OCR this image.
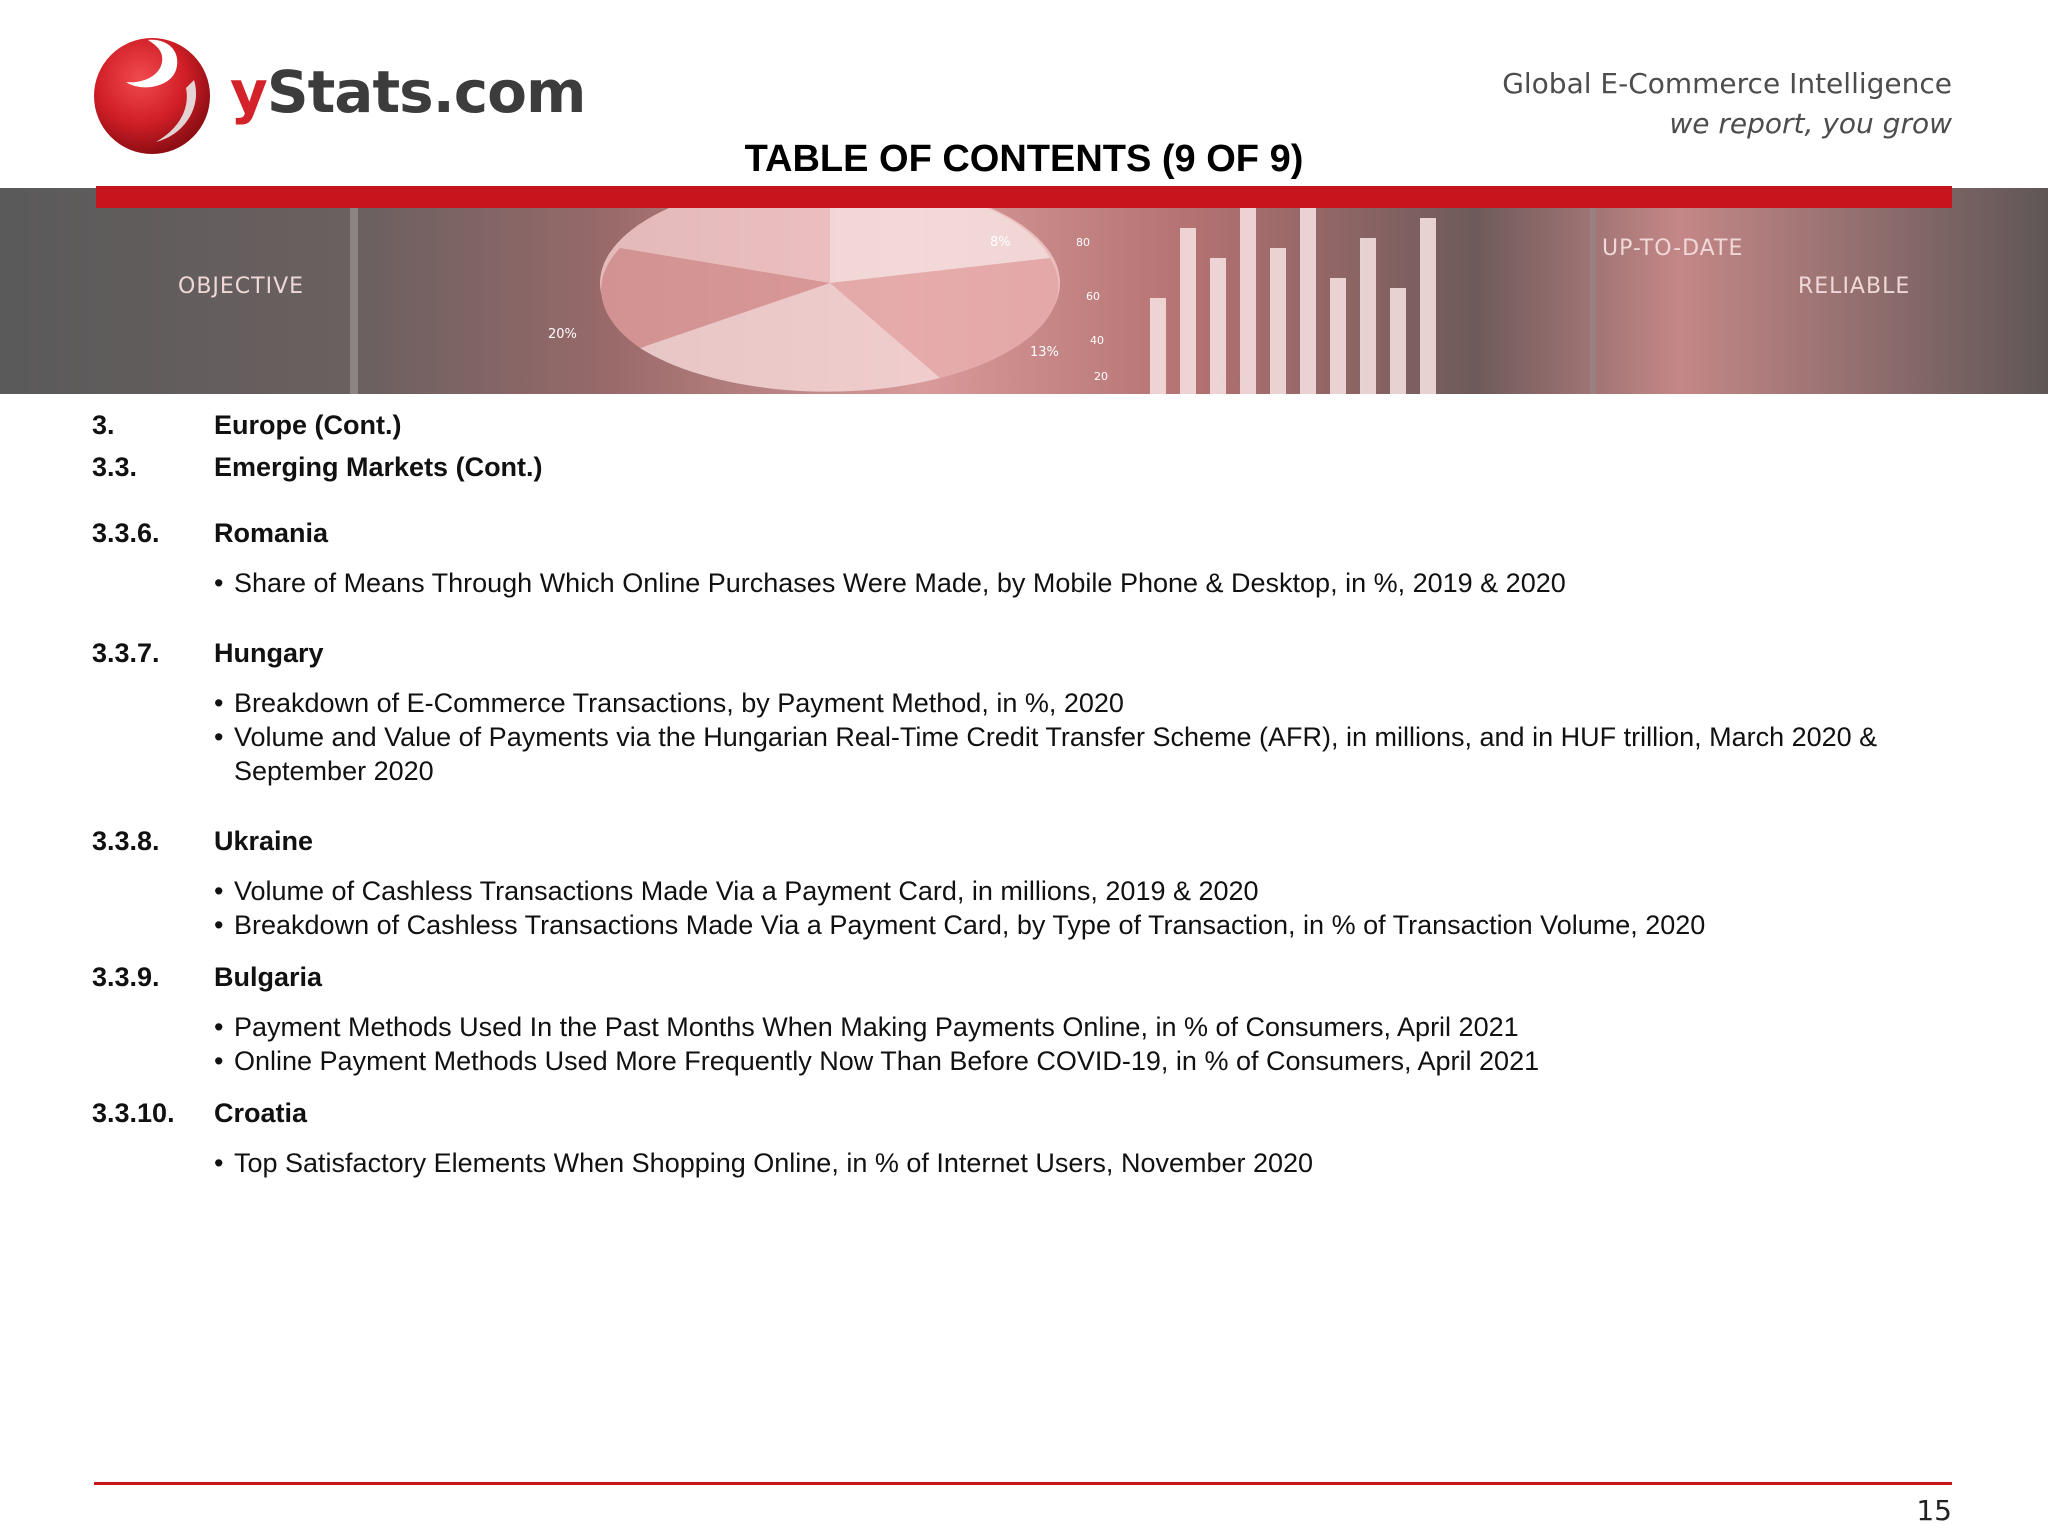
yStats.com	Global E-Commerce Intelligence
we report, you grow
TABLE OF CONTENTS (9 OF 9)
20%
8%
13%
80
60
40
20
OBJECTIVE
UP-TO-DATE
RELIABLE
3.	Europe (Cont.)
3.3.	Emerging Markets (Cont.)
3.3.6. Romania
• Share of Means Through Which Online Purchases Were Made, by Mobile Phone & Desktop, in %, 2019 & 2020
3.3.7. Hungary
• Breakdown of E-Commerce Transactions, by Payment Method, in %, 2020
• Volume and Value of Payments via the Hungarian Real-Time Credit Transfer Scheme (AFR), in millions, and in HUF trillion, March 2020 & September 2020
3.3.8. Ukraine
• Volume of Cashless Transactions Made Via a Payment Card, in millions, 2019 & 2020
• Breakdown of Cashless Transactions Made Via a Payment Card, by Type of Transaction, in % of Transaction Volume, 2020
3.3.9. Bulgaria
• Payment Methods Used In the Past Months When Making Payments Online, in % of Consumers, April 2021
• Online Payment Methods Used More Frequently Now Than Before COVID-19, in % of Consumers, April 2021
3.3.10. Croatia
• Top Satisfactory Elements When Shopping Online, in % of Internet Users, November 2020
15
